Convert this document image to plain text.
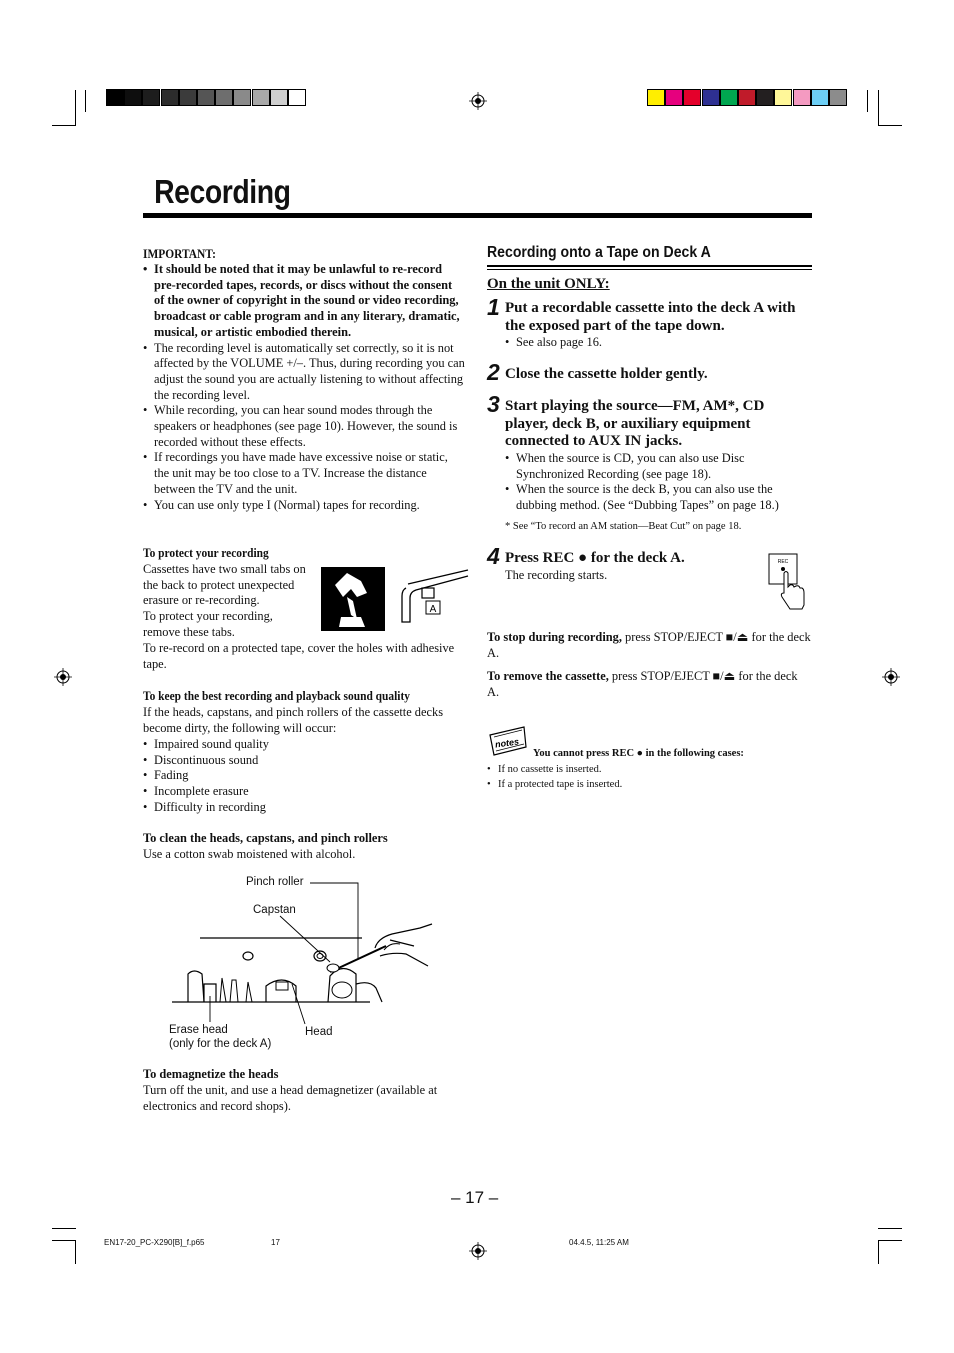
Recording
IMPORTANT:
• It should be noted that it may be unlawful to re-record pre-recorded tapes, records, or discs without the consent of the owner of copyright in the sound or video recording, broadcast or cable program and in any literary, dramatic, musical, or artistic embodied therein.
• The recording level is automatically set correctly, so it is not affected by the VOLUME +/–. Thus, during recording you can adjust the sound you are actually listening to without affecting the recording level.
• While recording, you can hear sound modes through the speakers or headphones (see page 10). However, the sound is recorded without these effects.
• If recordings you have made have excessive noise or static, the unit may be too close to a TV. Increase the distance between the TV and the unit.
• You can use only type I (Normal) tapes for recording.
To protect your recording
Cassettes have two small tabs on
the back to protect unexpected
erasure or re-recording.
To protect your recording,
remove these tabs.
To re-record on a protected tape, cover the holes with adhesive tape.
A
To keep the best recording and playback sound quality
If the heads, capstans, and pinch rollers of the cassette decks become dirty, the following will occur:
• Impaired sound quality
• Discontinuous sound
• Fading
• Incomplete erasure
• Difficulty in recording
To clean the heads, capstans, and pinch rollers
Use a cotton swab moistened with alcohol.
Pinch roller
Capstan
Erase head
(only for the deck A)
Head
To demagnetize the heads
Turn off the unit, and use a head demagnetizer (available at electronics and record shops).
Recording onto a Tape on Deck A
On the unit ONLY:
1 Put a recordable cassette into the deck A with the exposed part of the tape down.
• See also page 16.
2 Close the cassette holder gently.
3 Start playing the source—FM, AM*, CD player, deck B, or auxiliary equipment connected to AUX IN jacks.
• When the source is CD, you can also use Disc Synchronized Recording (see page 18).
• When the source is the deck B, you can also use the dubbing method. (See “Dubbing Tapes” on page 18.)
* See “To record an AM station—Beat Cut” on page 18.
4 Press REC ● for the deck A.
The recording starts.
REC
To stop during recording, press STOP/EJECT ■/⏏ for the deck A.
To remove the cassette, press STOP/EJECT ■/⏏ for the deck A.
notes
You cannot press REC ● in the following cases:
• If no cassette is inserted.
• If a protected tape is inserted.
– 17 –
EN17-20_PC-X290[B]_f.p65	17	04.4.5, 11:25 AM
